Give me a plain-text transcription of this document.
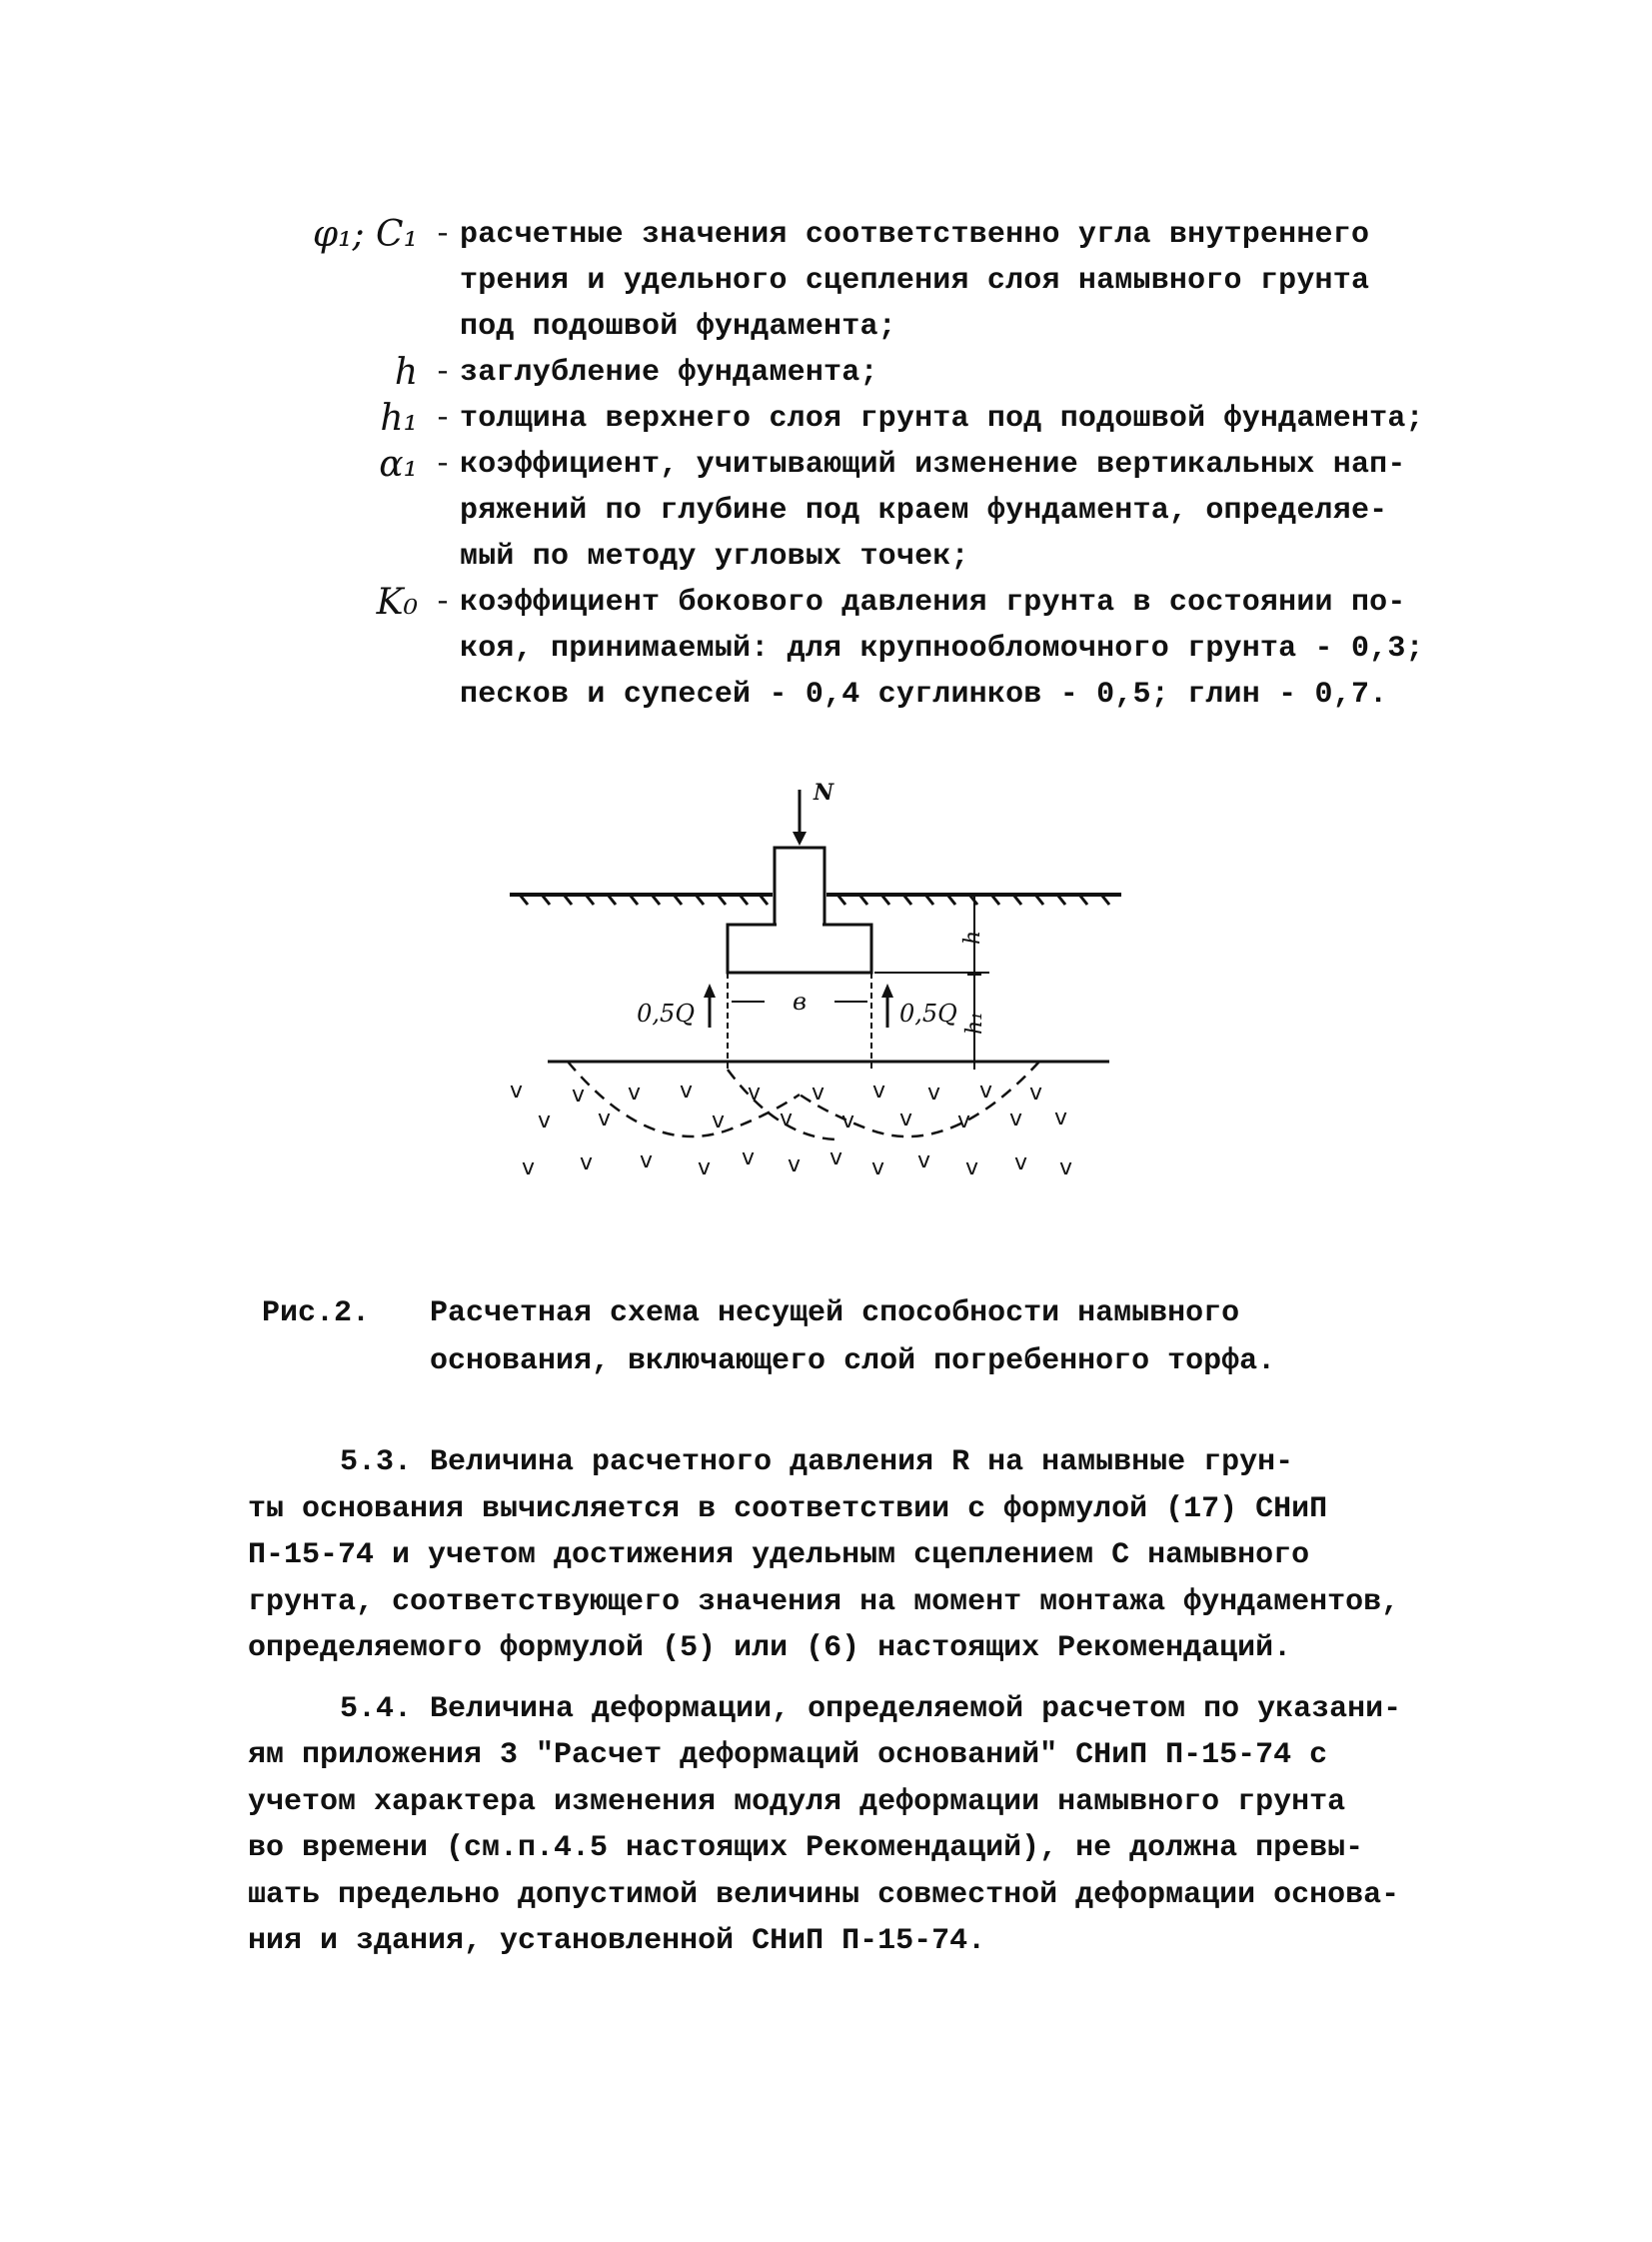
φ₁; C₁ - расчетные значения соответственно угла внутреннего
трения и удельного сцепления слоя намывного грунта
под подошвой фундамента;
h - заглубление фундамента;
h₁ - толщина верхнего слоя грунта под подошвой фундамента;
α₁ - коэффициент, учитывающий изменение вертикальных нап-
ряжений по глубине под краем фундамента, определяе-
мый по методу угловых точек;
K₀ - коэффициент бокового давления грунта в состоянии по-
коя, принимаемый: для крупнообломочного грунта - 0,3;
песков и супесей - 0,4 суглинков - 0,5; глин - 0,7.
N
h
h₁
в
0,5Q	0,5Q
v v v v v v v v v v
v v	v v v v v v v
v v v v v v v v v v v v
Рис.2.	Расчетная схема несущей способности намывного
основания, включающего слой погребенного торфа.
5.3. Величина расчетного давления R на намывные грун-
ты основания вычисляется в соответствии с формулой (17) СНиП
П-15-74 и учетом достижения удельным сцеплением С намывного
грунта, соответствующего значения на момент монтажа фундаментов,
определяемого формулой (5) или (6) настоящих Рекомендаций.
5.4. Величина деформации, определяемой расчетом по указани-
ям приложения 3 "Расчет деформаций оснований" СНиП П-15-74 с
учетом характера изменения модуля деформации намывного грунта
во времени (см.п.4.5 настоящих Рекомендаций), не должна превы-
шать предельно допустимой величины совместной деформации основа-
ния и здания, установленной СНиП П-15-74.
